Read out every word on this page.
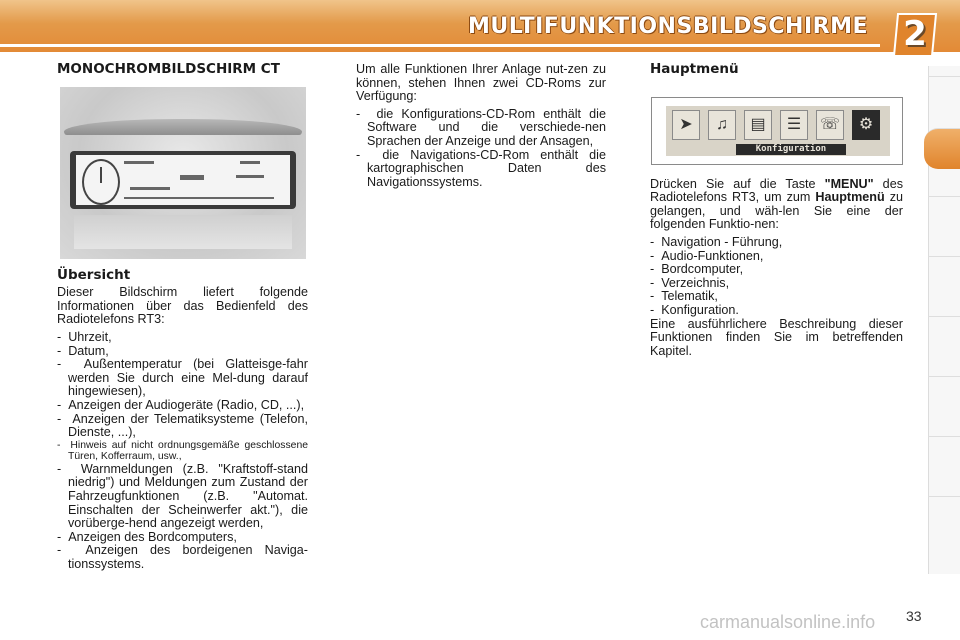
MULTIFUNKTIONSBILDSCHIRME	2
MONOCHROMBILDSCHIRM CT
Übersicht

Dieser Bildschirm liefert folgende Informationen über das Bedienfeld des Radiotelefons RT3:

-  Uhrzeit,
-  Datum,
-  Außentemperatur (bei Glatteisge-fahr werden Sie durch eine Mel-dung darauf hingewiesen),
-  Anzeigen der Audiogeräte (Radio, CD, ...),
-  Anzeigen der Telematiksysteme (Telefon, Dienste, ...),
-  Hinweis auf nicht ordnungsgemäße geschlossene Türen, Kofferraum, usw.,
-  Warnmeldungen (z.B. "Kraftstoff-stand niedrig") und Meldungen zum Zustand der Fahrzeugfunktionen (z.B. "Automat. Einschalten der Scheinwerfer akt."), die vorüberge-hend angezeigt werden,
-  Anzeigen des Bordcomputers,
-  Anzeigen des bordeigenen Naviga-tionssystems.

Um alle Funktionen Ihrer Anlage nut-zen zu können, stehen Ihnen zwei CD-Roms zur Verfügung:

-  die Konfigurations-CD-Rom enthält die Software und die verschiede-nen Sprachen der Anzeige und der Ansagen,
-  die Navigations-CD-Rom enthält die kartographischen Daten des Navigationssystems.
Hauptmenü
➤	♫	▤	☰	☏	⚙
Konfiguration

Drücken Sie auf die Taste "MENU" des Radiotelefons RT3, um zum Hauptmenü zu gelangen, und wäh-len Sie eine der folgenden Funktio-nen:

-  Navigation - Führung,
-  Audio-Funktionen,
-  Bordcomputer,
-  Verzeichnis,
-  Telematik,
-  Konfiguration.

Eine ausführlichere Beschreibung dieser Funktionen finden Sie im betreffenden Kapitel.

carmanualsonline.info 33
